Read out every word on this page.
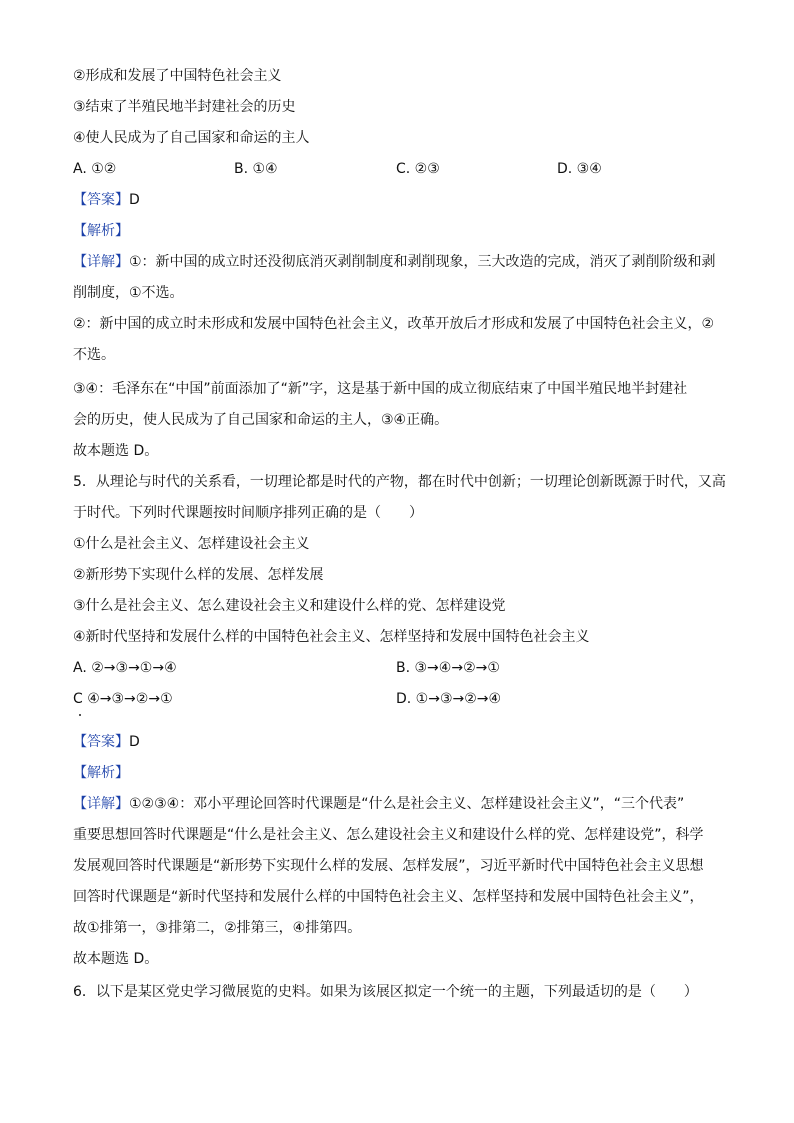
②形成和发展了中国特色社会主义
③结束了半殖民地半封建社会的历史
④使人民成为了自己国家和命运的主人
A. ①②	B. ①④	C. ②③	D. ③④
【答案】D
【解析】
【详解】①：新中国的成立时还没彻底消灭剥削制度和剥削现象，三大改造的完成，消灭了剥削阶级和剥
削制度，①不选。
②：新中国的成立时未形成和发展中国特色社会主义，改革开放后才形成和发展了中国特色社会主义，②
不选。
③④：毛泽东在“中国”前面添加了“新”字，这是基于新中国的成立彻底结束了中国半殖民地半封建社
会的历史，使人民成为了自己国家和命运的主人，③④正确。
故本题选 D。
5．从理论与时代的关系看，一切理论都是时代的产物，都在时代中创新；一切理论创新既源于时代，又高
于时代。下列时代课题按时间顺序排列正确的是（　　）
①什么是社会主义、怎样建设社会主义
②新形势下实现什么样的发展、怎样发展
③什么是社会主义、怎么建设社会主义和建设什么样的党、怎样建设党
④新时代坚持和发展什么样的中国特色社会主义、怎样坚持和发展中国特色社会主义
A. ②→③→①→④	B. ③→④→②→①
C ④→③→②→①	D. ①→③→②→④
【答案】D
【解析】
【详解】①②③④：邓小平理论回答时代课题是“什么是社会主义、怎样建设社会主义”，“三个代表”
重要思想回答时代课题是“什么是社会主义、怎么建设社会主义和建设什么样的党、怎样建设党”，科学
发展观回答时代课题是“新形势下实现什么样的发展、怎样发展”，习近平新时代中国特色社会主义思想
回答时代课题是“新时代坚持和发展什么样的中国特色社会主义、怎样坚持和发展中国特色社会主义”，
故①排第一，③排第二，②排第三，④排第四。
故本题选 D。
6．以下是某区党史学习微展览的史料。如果为该展区拟定一个统一的主题，下列最适切的是（　　）
